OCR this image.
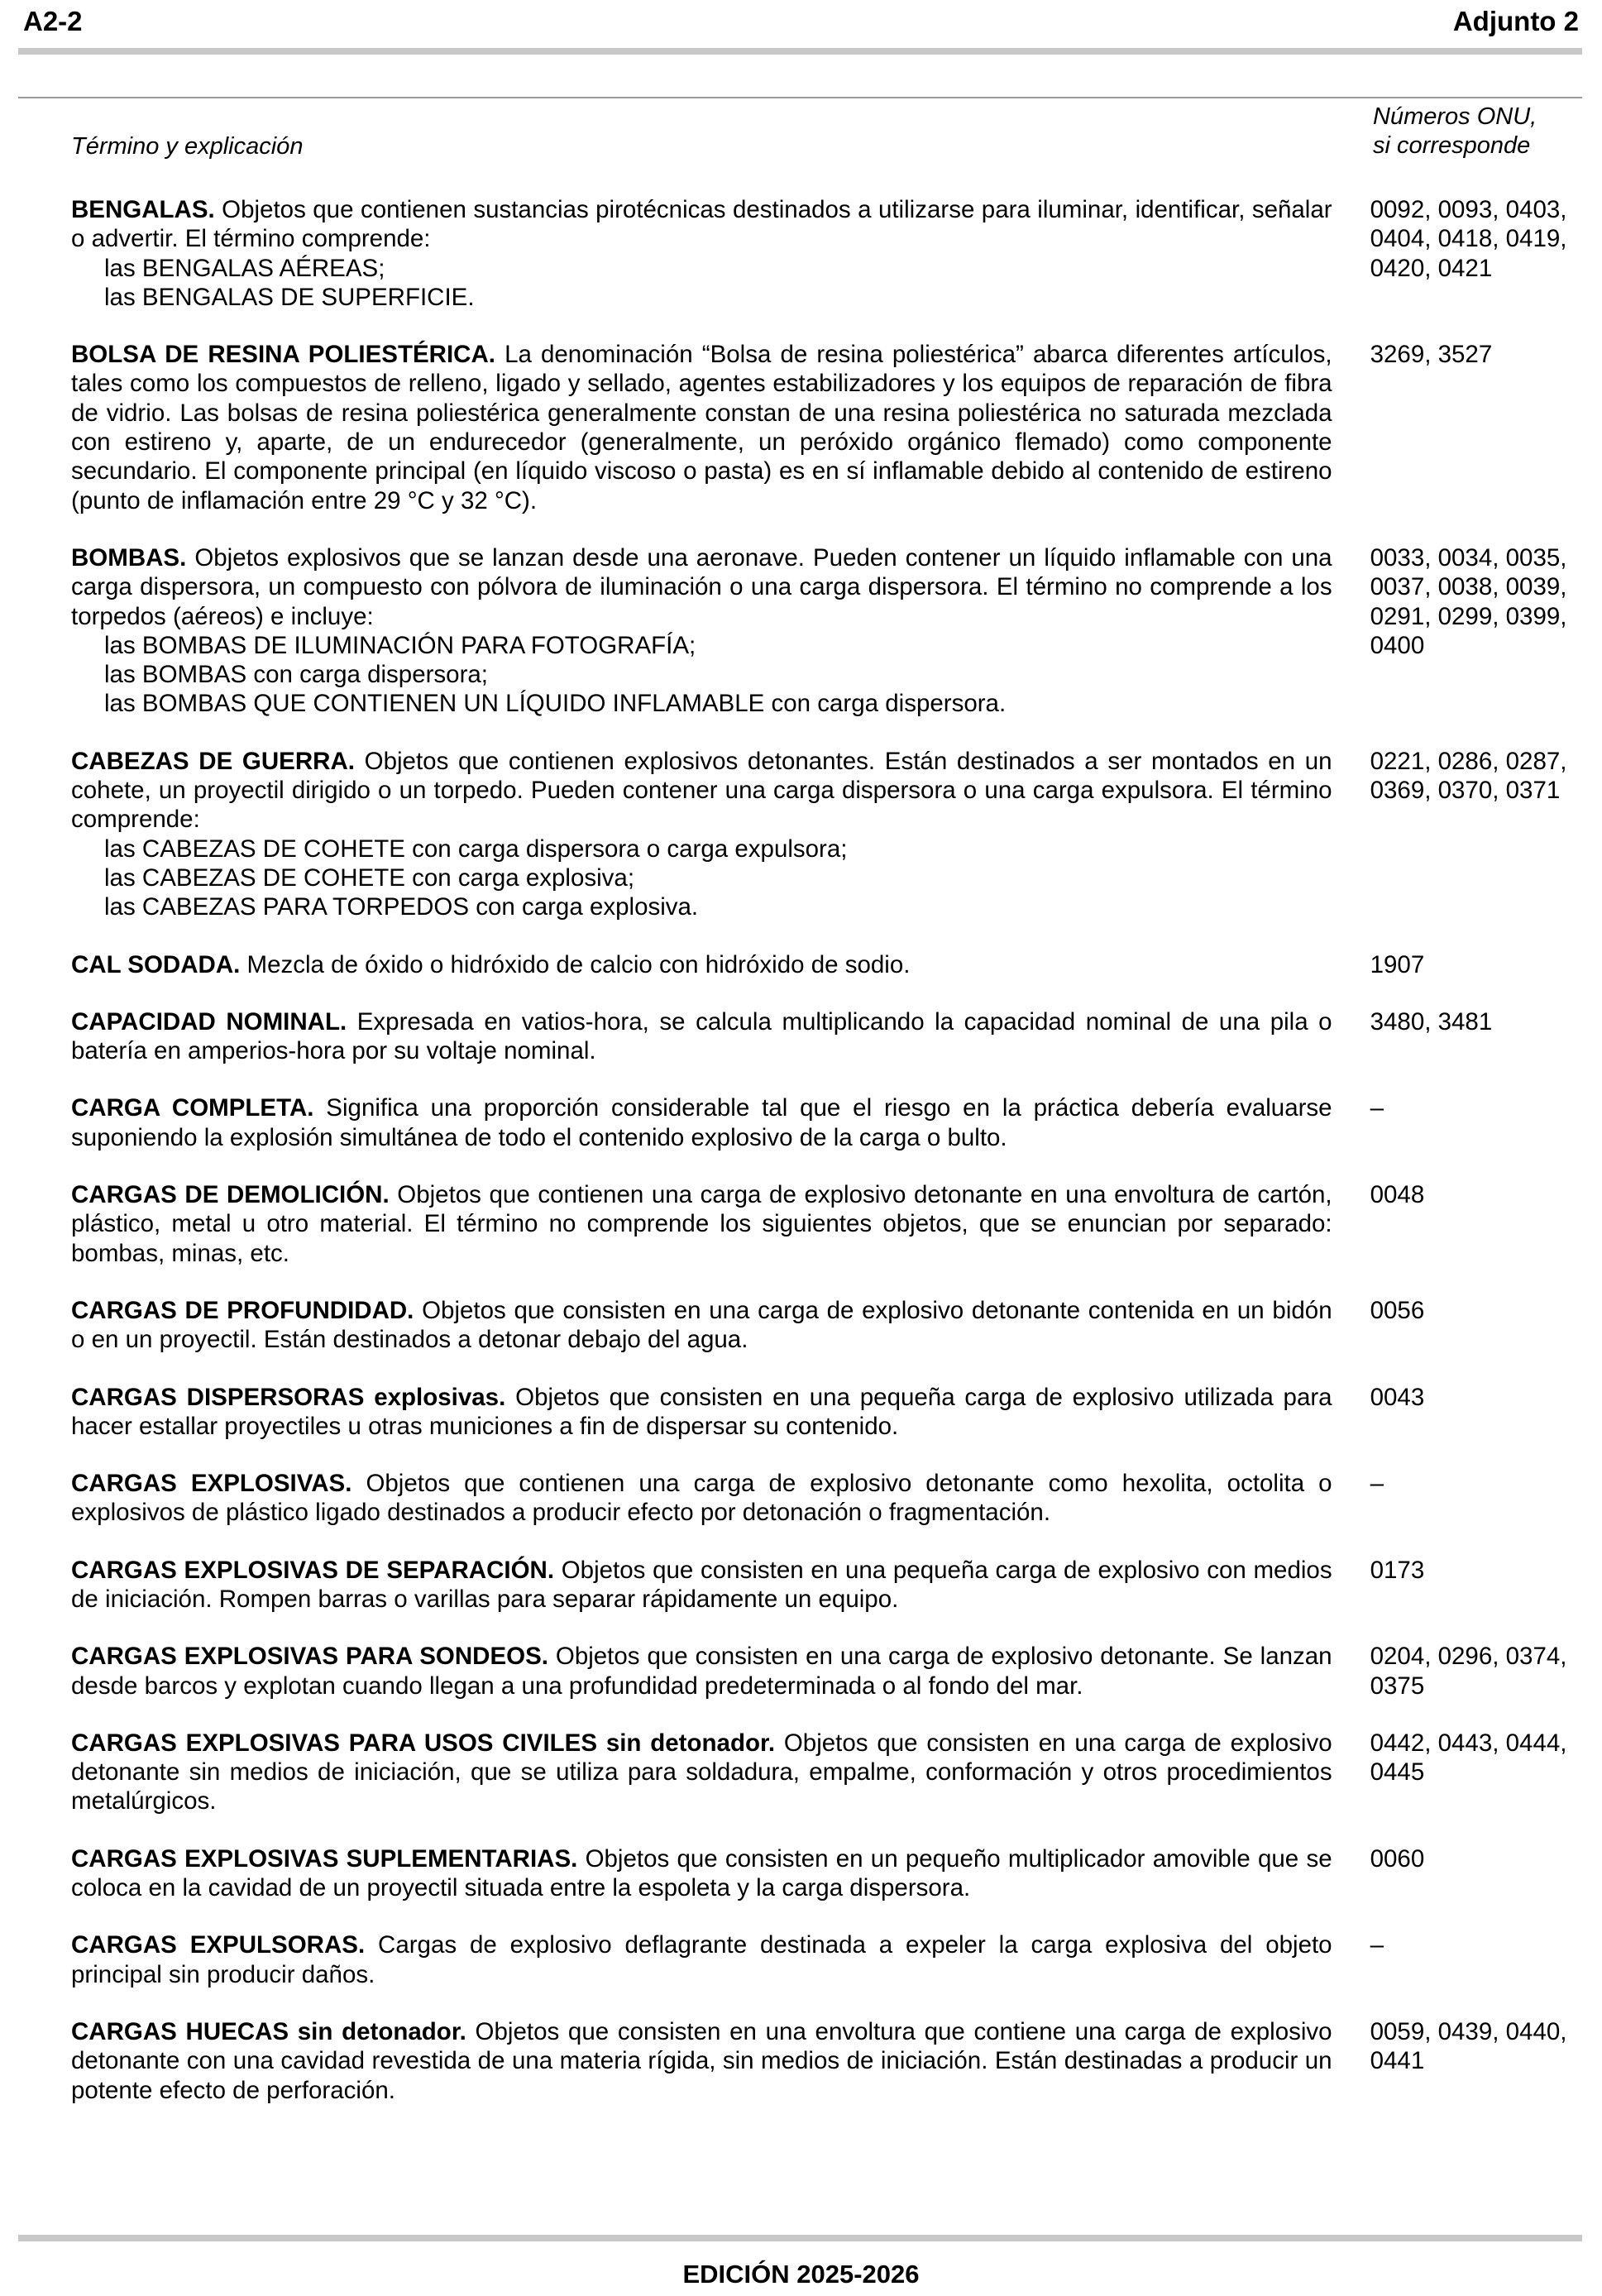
A2-2	Adjunto 2
Término y explicación
Números ONU,
si corresponde
BENGALAS. Objetos que contienen sustancias pirotécnicas destinados a utilizarse para iluminar, identificar, señalar o advertir. El término comprende:
las BENGALAS AÉREAS;
las BENGALAS DE SUPERFICIE.
0092, 0093, 0403,
0404, 0418, 0419,
0420, 0421
BOLSA DE RESINA POLIESTÉRICA. La denominación “Bolsa de resina poliestérica” abarca diferentes artículos, tales como los compuestos de relleno, ligado y sellado, agentes estabilizadores y los equipos de reparación de fibra de vidrio. Las bolsas de resina poliestérica generalmente constan de una resina poliestérica no saturada mezclada con estireno y, aparte, de un endurecedor (generalmente, un peróxido orgánico flemado) como componente secundario. El componente principal (en líquido viscoso o pasta) es en sí inflamable debido al contenido de estireno (punto de inflamación entre 29 °C y 32 °C).
3269, 3527
BOMBAS. Objetos explosivos que se lanzan desde una aeronave. Pueden contener un líquido inflamable con una carga dispersora, un compuesto con pólvora de iluminación o una carga dispersora. El término no comprende a los torpedos (aéreos) e incluye:
las BOMBAS DE ILUMINACIÓN PARA FOTOGRAFÍA;
las BOMBAS con carga dispersora;
las BOMBAS QUE CONTIENEN UN LÍQUIDO INFLAMABLE con carga dispersora.
0033, 0034, 0035,
0037, 0038, 0039,
0291, 0299, 0399,
0400
CABEZAS DE GUERRA. Objetos que contienen explosivos detonantes. Están destinados a ser montados en un cohete, un proyectil dirigido o un torpedo. Pueden contener una carga dispersora o una carga expulsora. El término comprende:
las CABEZAS DE COHETE con carga dispersora o carga expulsora;
las CABEZAS DE COHETE con carga explosiva;
las CABEZAS PARA TORPEDOS con carga explosiva.
0221, 0286, 0287,
0369, 0370, 0371
CAL SODADA. Mezcla de óxido o hidróxido de calcio con hidróxido de sodio.	1907
CAPACIDAD NOMINAL. Expresada en vatios-hora, se calcula multiplicando la capacidad nominal de una pila o batería en amperios-hora por su voltaje nominal.
3480, 3481
CARGA COMPLETA. Significa una proporción considerable tal que el riesgo en la práctica debería evaluarse suponiendo la explosión simultánea de todo el contenido explosivo de la carga o bulto.
–
CARGAS DE DEMOLICIÓN. Objetos que contienen una carga de explosivo detonante en una envoltura de cartón, plástico, metal u otro material. El término no comprende los siguientes objetos, que se enuncian por separado: bombas, minas, etc.
0048
CARGAS DE PROFUNDIDAD. Objetos que consisten en una carga de explosivo detonante contenida en un bidón o en un proyectil. Están destinados a detonar debajo del agua.
0056
CARGAS DISPERSORAS explosivas. Objetos que consisten en una pequeña carga de explosivo utilizada para hacer estallar proyectiles u otras municiones a fin de dispersar su contenido.
0043
CARGAS EXPLOSIVAS. Objetos que contienen una carga de explosivo detonante como hexolita, octolita o explosivos de plástico ligado destinados a producir efecto por detonación o fragmentación.
–
CARGAS EXPLOSIVAS DE SEPARACIÓN. Objetos que consisten en una pequeña carga de explosivo con medios de iniciación. Rompen barras o varillas para separar rápidamente un equipo.
0173
CARGAS EXPLOSIVAS PARA SONDEOS. Objetos que consisten en una carga de explosivo detonante. Se lanzan desde barcos y explotan cuando llegan a una profundidad predeterminada o al fondo del mar.
0204, 0296, 0374,
0375
CARGAS EXPLOSIVAS PARA USOS CIVILES sin detonador. Objetos que consisten en una carga de explosivo detonante sin medios de iniciación, que se utiliza para soldadura, empalme, conformación y otros procedimientos metalúrgicos.
0442, 0443, 0444,
0445
CARGAS EXPLOSIVAS SUPLEMENTARIAS. Objetos que consisten en un pequeño multiplicador amovible que se coloca en la cavidad de un proyectil situada entre la espoleta y la carga dispersora.
0060
CARGAS EXPULSORAS. Cargas de explosivo deflagrante destinada a expeler la carga explosiva del objeto principal sin producir daños.
–
CARGAS HUECAS sin detonador. Objetos que consisten en una envoltura que contiene una carga de explosivo detonante con una cavidad revestida de una materia rígida, sin medios de iniciación. Están destinadas a producir un potente efecto de perforación.
0059, 0439, 0440,
0441
EDICIÓN 2025-2026
